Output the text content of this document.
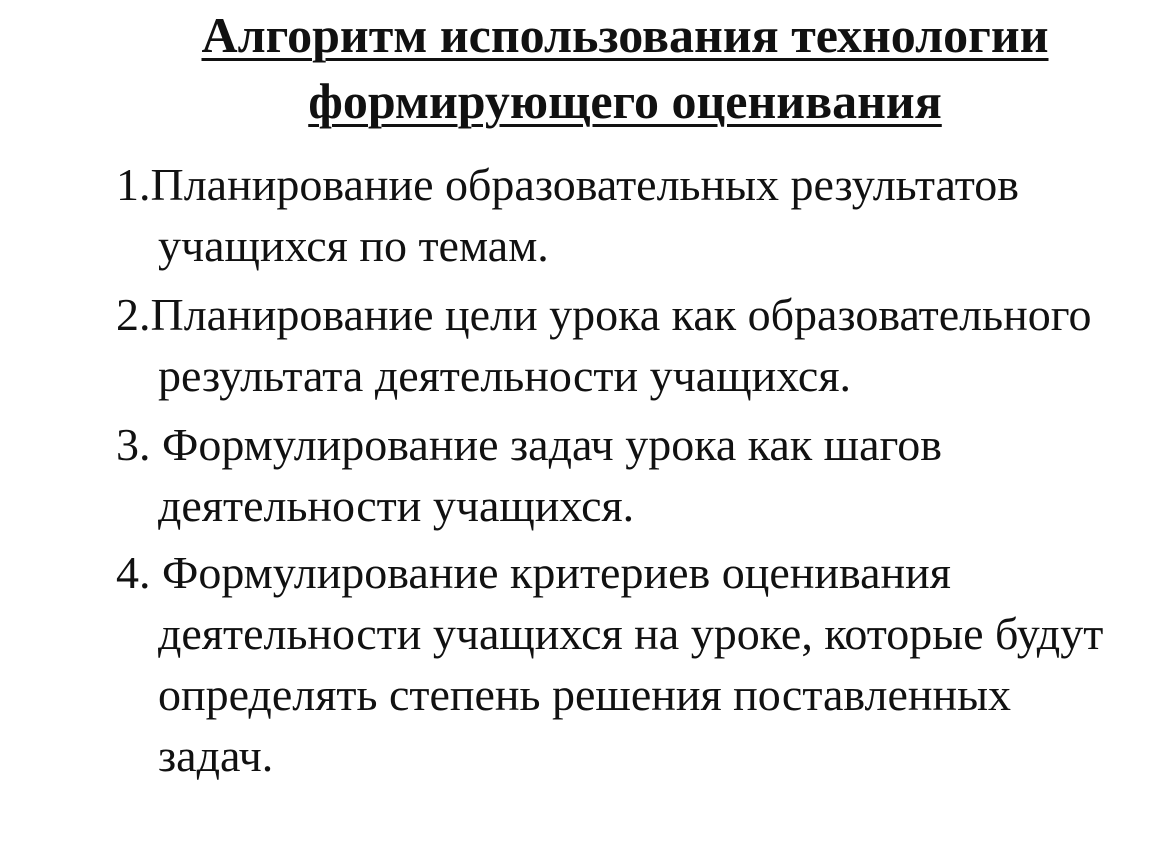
Алгоритм использования технологии
формирующего оценивания
1.Планирование образовательных результатов учащихся по темам.
2.Планирование цели урока как образовательного результата деятельности учащихся.
3. Формулирование задач урока как шагов деятельности учащихся.
4. Формулирование критериев оценивания деятельности учащихся на уроке, которые будут определять степень решения поставленных задач.
